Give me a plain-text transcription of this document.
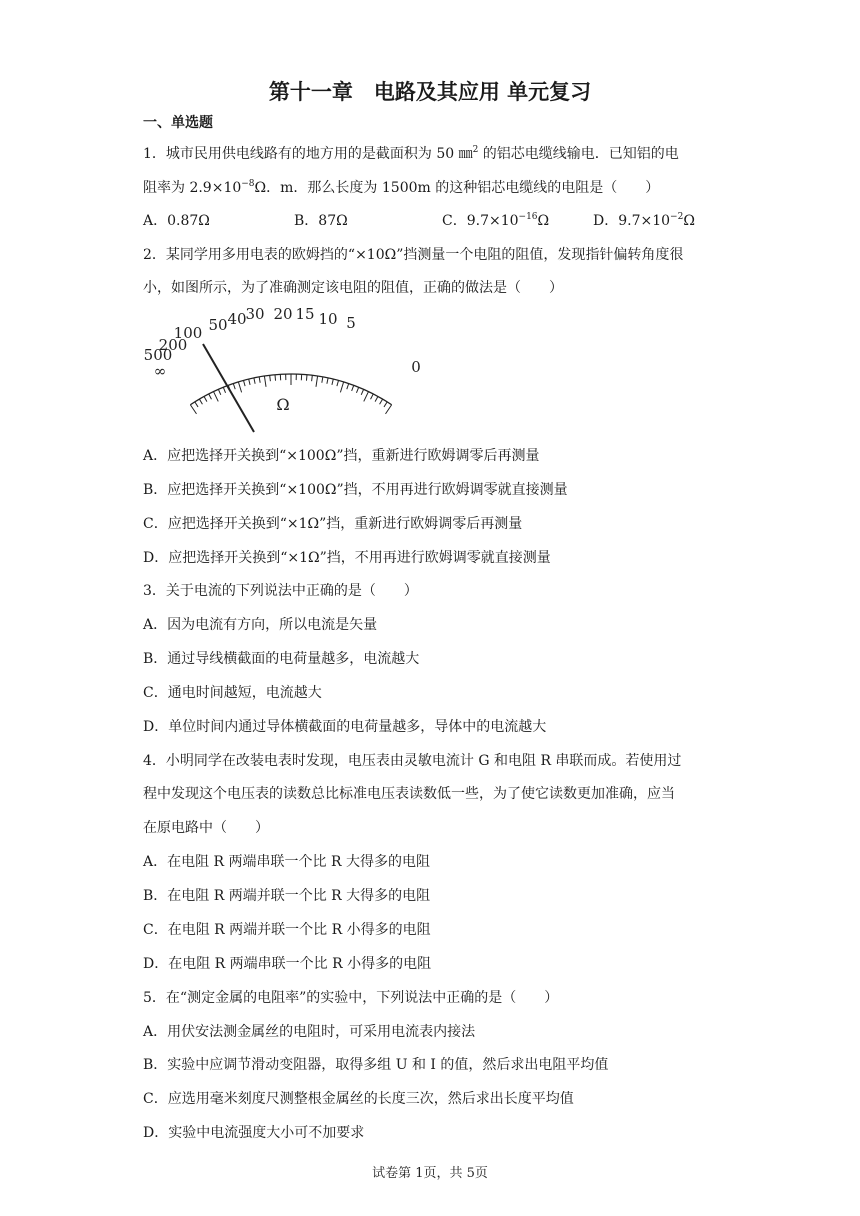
第十一章　电路及其应用 单元复习
一、单选题
1．城市民用供电线路有的地方用的是截面积为 50 ㎜$^2$ 的铝芯电缆线输电．已知铝的电
阻率为 $2.9\times 10^{-8}\Omega$．m．那么长度为 1500m 的这种铝芯电缆线的电阻是（　　）
A．0.87Ω	B．87Ω	C．$9.7\times 10^{-16}\Omega$	D．$9.7\times 10^{-2}\Omega$
2．某同学用多用电表的欧姆挡的“×10Ω”挡测量一个电阻的阻值，发现指针偏转角度很
小，如图所示，为了准确测定该电阻的阻值，正确的做法是（　　）
∞
500
200
100 50 40
30 20 15 10 5
0
Ω
A．应把选择开关换到“×100Ω”挡，重新进行欧姆调零后再测量
B．应把选择开关换到“×100Ω”挡，不用再进行欧姆调零就直接测量
C．应把选择开关换到“×1Ω”挡，重新进行欧姆调零后再测量
D．应把选择开关换到“×1Ω”挡，不用再进行欧姆调零就直接测量
3．关于电流的下列说法中正确的是（　　）
A．因为电流有方向，所以电流是矢量
B．通过导线横截面的电荷量越多，电流越大
C．通电时间越短，电流越大
D．单位时间内通过导体横截面的电荷量越多，导体中的电流越大
4．小明同学在改装电表时发现，电压表由灵敏电流计 G 和电阻 R 串联而成。若使用过
程中发现这个电压表的读数总比标准电压表读数低一些，为了使它读数更加准确，应当
在原电路中（　　）
A．在电阻 R 两端串联一个比 R 大得多的电阻
B．在电阻 R 两端并联一个比 R 大得多的电阻
C．在电阻 R 两端并联一个比 R 小得多的电阻
D．在电阻 R 两端串联一个比 R 小得多的电阻
5．在“测定金属的电阻率”的实验中，下列说法中正确的是（　　）
A．用伏安法测金属丝的电阻时，可采用电流表内接法
B．实验中应调节滑动变阻器，取得多组 U 和 I 的值，然后求出电阻平均值
C．应选用毫米刻度尺测整根金属丝的长度三次，然后求出长度平均值
D．实验中电流强度大小可不加要求
试卷第 1页，共 5页
